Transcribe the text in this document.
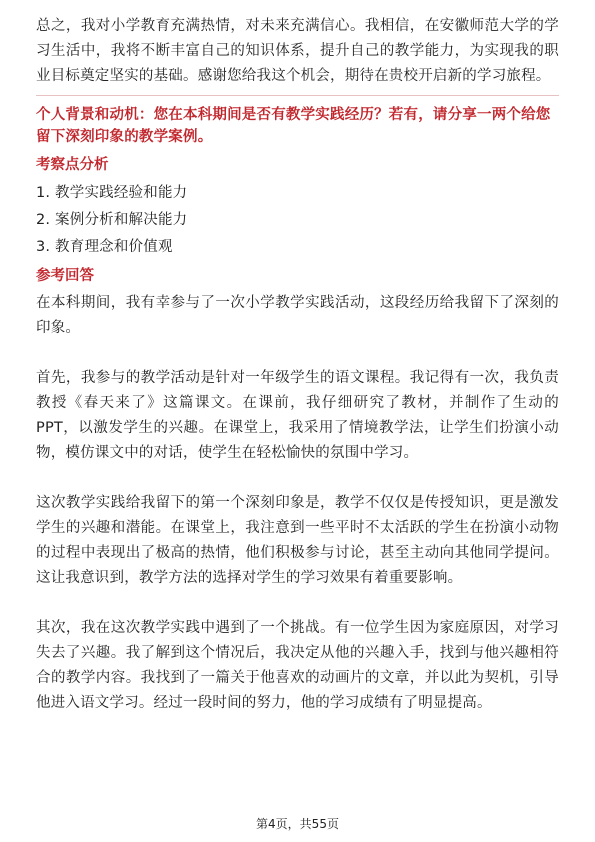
总之，我对小学教育充满热情，对未来充满信心。我相信，在安徽师范大学的学习生活中，我将不断丰富自己的知识体系，提升自己的教学能力，为实现我的职业目标奠定坚实的基础。感谢您给我这个机会，期待在贵校开启新的学习旅程。

个人背景和动机：您在本科期间是否有教学实践经历？若有，请分享一两个给您留下深刻印象的教学案例。
考察点分析
1. 教学实践经验和能力
2. 案例分析和解决能力
3. 教育理念和价值观
参考回答

在本科期间，我有幸参与了一次小学教学实践活动，这段经历给我留下了深刻的印象。

首先，我参与的教学活动是针对一年级学生的语文课程。我记得有一次，我负责教授《春天来了》这篇课文。在课前，我仔细研究了教材，并制作了生动的PPT，以激发学生的兴趣。在课堂上，我采用了情境教学法，让学生们扮演小动物，模仿课文中的对话，使学生在轻松愉快的氛围中学习。

这次教学实践给我留下的第一个深刻印象是，教学不仅仅是传授知识，更是激发学生的兴趣和潜能。在课堂上，我注意到一些平时不太活跃的学生在扮演小动物的过程中表现出了极高的热情，他们积极参与讨论，甚至主动向其他同学提问。这让我意识到，教学方法的选择对学生的学习效果有着重要影响。

其次，我在这次教学实践中遇到了一个挑战。有一位学生因为家庭原因，对学习失去了兴趣。我了解到这个情况后，我决定从他的兴趣入手，找到与他兴趣相符合的教学内容。我找到了一篇关于他喜欢的动画片的文章，并以此为契机，引导他进入语文学习。经过一段时间的努力，他的学习成绩有了明显提高。

第4页，共55页
